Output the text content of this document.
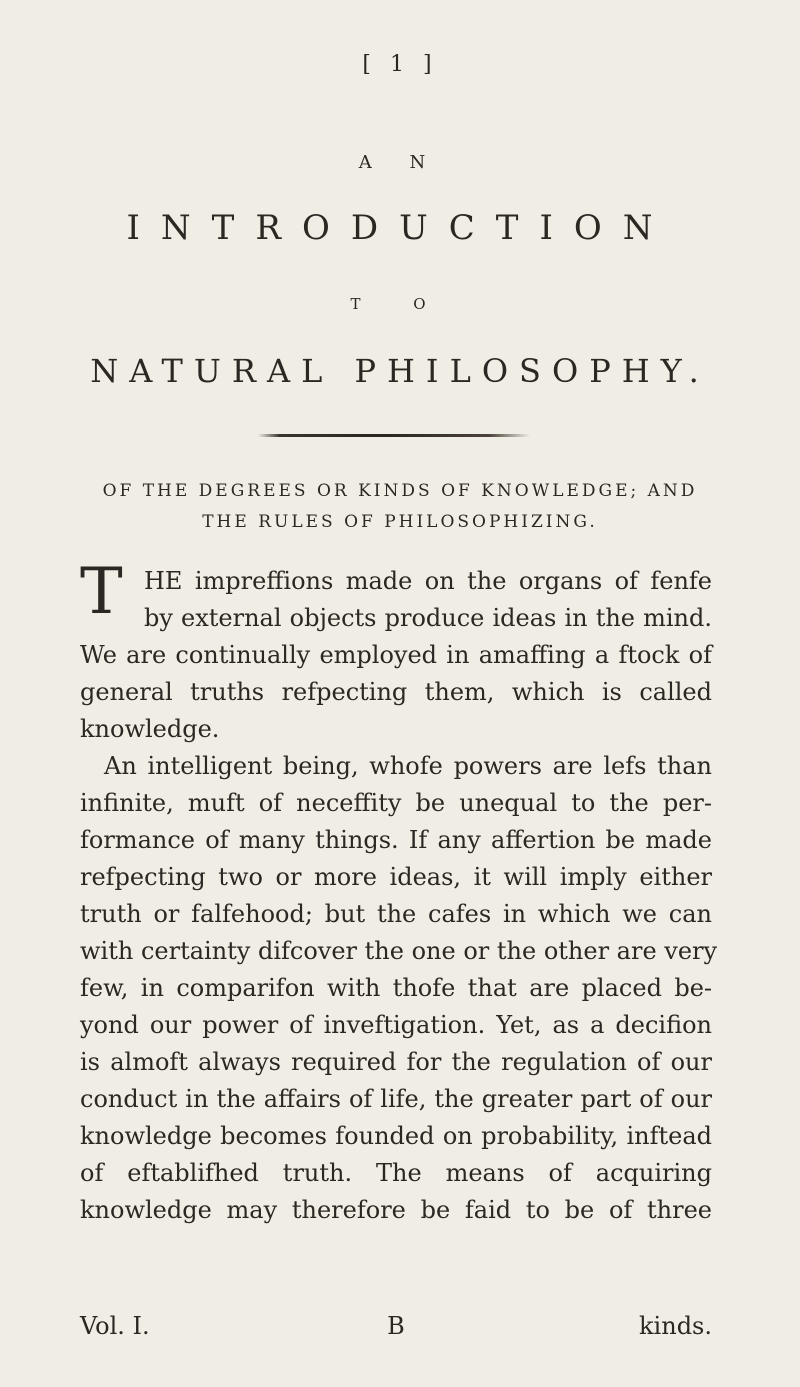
[ 1 ]
A N
INTRODUCTION
T O
NATURAL PHILOSOPHY.
OF THE DEGREES OR KINDS OF KNOWLEDGE; AND
THE RULES OF PHILOSOPHIZING.
T HE impreffions made on the organs of fenfe
by external objects produce ideas in the mind.
We are continually employed in amaffing a ftock of
general truths refpecting them, which is called
knowledge.
An intelligent being, whofe powers are lefs than
infinite, muft of neceffity be unequal to the per-
formance of many things. If any affertion be made
refpecting two or more ideas, it will imply either
truth or falfehood; but the cafes in which we can
with certainty difcover the one or the other are very
few, in comparifon with thofe that are placed be-
yond our power of inveftigation. Yet, as a decifion
is almoft always required for the regulation of our
conduct in the affairs of life, the greater part of our
knowledge becomes founded on probability, inftead
of eftablifhed truth. The means of acquiring
knowledge may therefore be faid to be of three
Vol. I.	B	kinds.
